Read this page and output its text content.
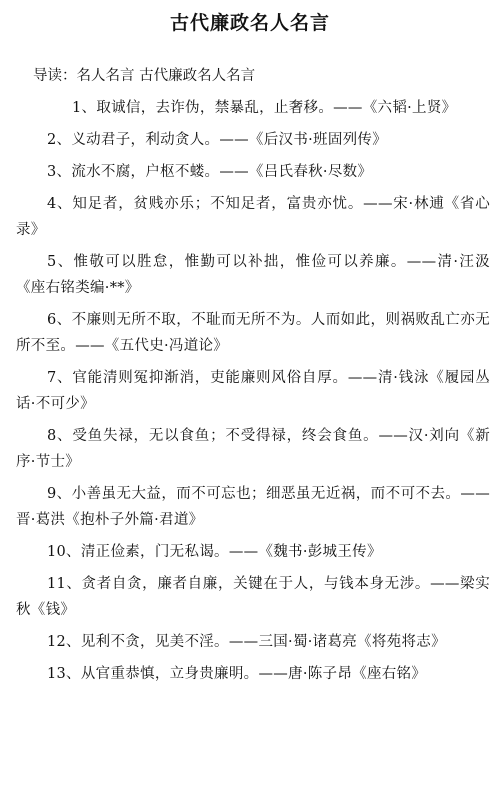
古代廉政名人名言

导读：名人名言 古代廉政名人名言

1、取诚信，去诈伪，禁暴乱，止奢移。——《六韬·上贤》
2、义动君子，利动贪人。——《后汉书·班固列传》
3、流水不腐，户枢不蝼。——《吕氏春秋·尽数》
4、知足者，贫贱亦乐；不知足者，富贵亦忧。——宋·林逋《省心录》
5、惟敬可以胜怠，惟勤可以补拙，惟俭可以养廉。——清·汪汲《座右铭类编·**》
6、不廉则无所不取，不耻而无所不为。人而如此，则祸败乱亡亦无所不至。——《五代史·冯道论》
7、官能清则冤抑渐消，吏能廉则风俗自厚。——清·钱泳《履园丛话·不可少》
8、受鱼失禄，无以食鱼；不受得禄，终会食鱼。——汉·刘向《新序·节士》
9、小善虽无大益，而不可忘也；细恶虽无近祸，而不可不去。——晋·葛洪《抱朴子外篇·君道》
10、清正俭素，门无私谒。——《魏书·彭城王传》
11、贪者自贪，廉者自廉，关键在于人，与钱本身无涉。——梁实秋《钱》
12、见利不贪，见美不淫。——三国·蜀·诸葛亮《将苑将志》
13、从官重恭慎，立身贵廉明。——唐·陈子昂《座右铭》
